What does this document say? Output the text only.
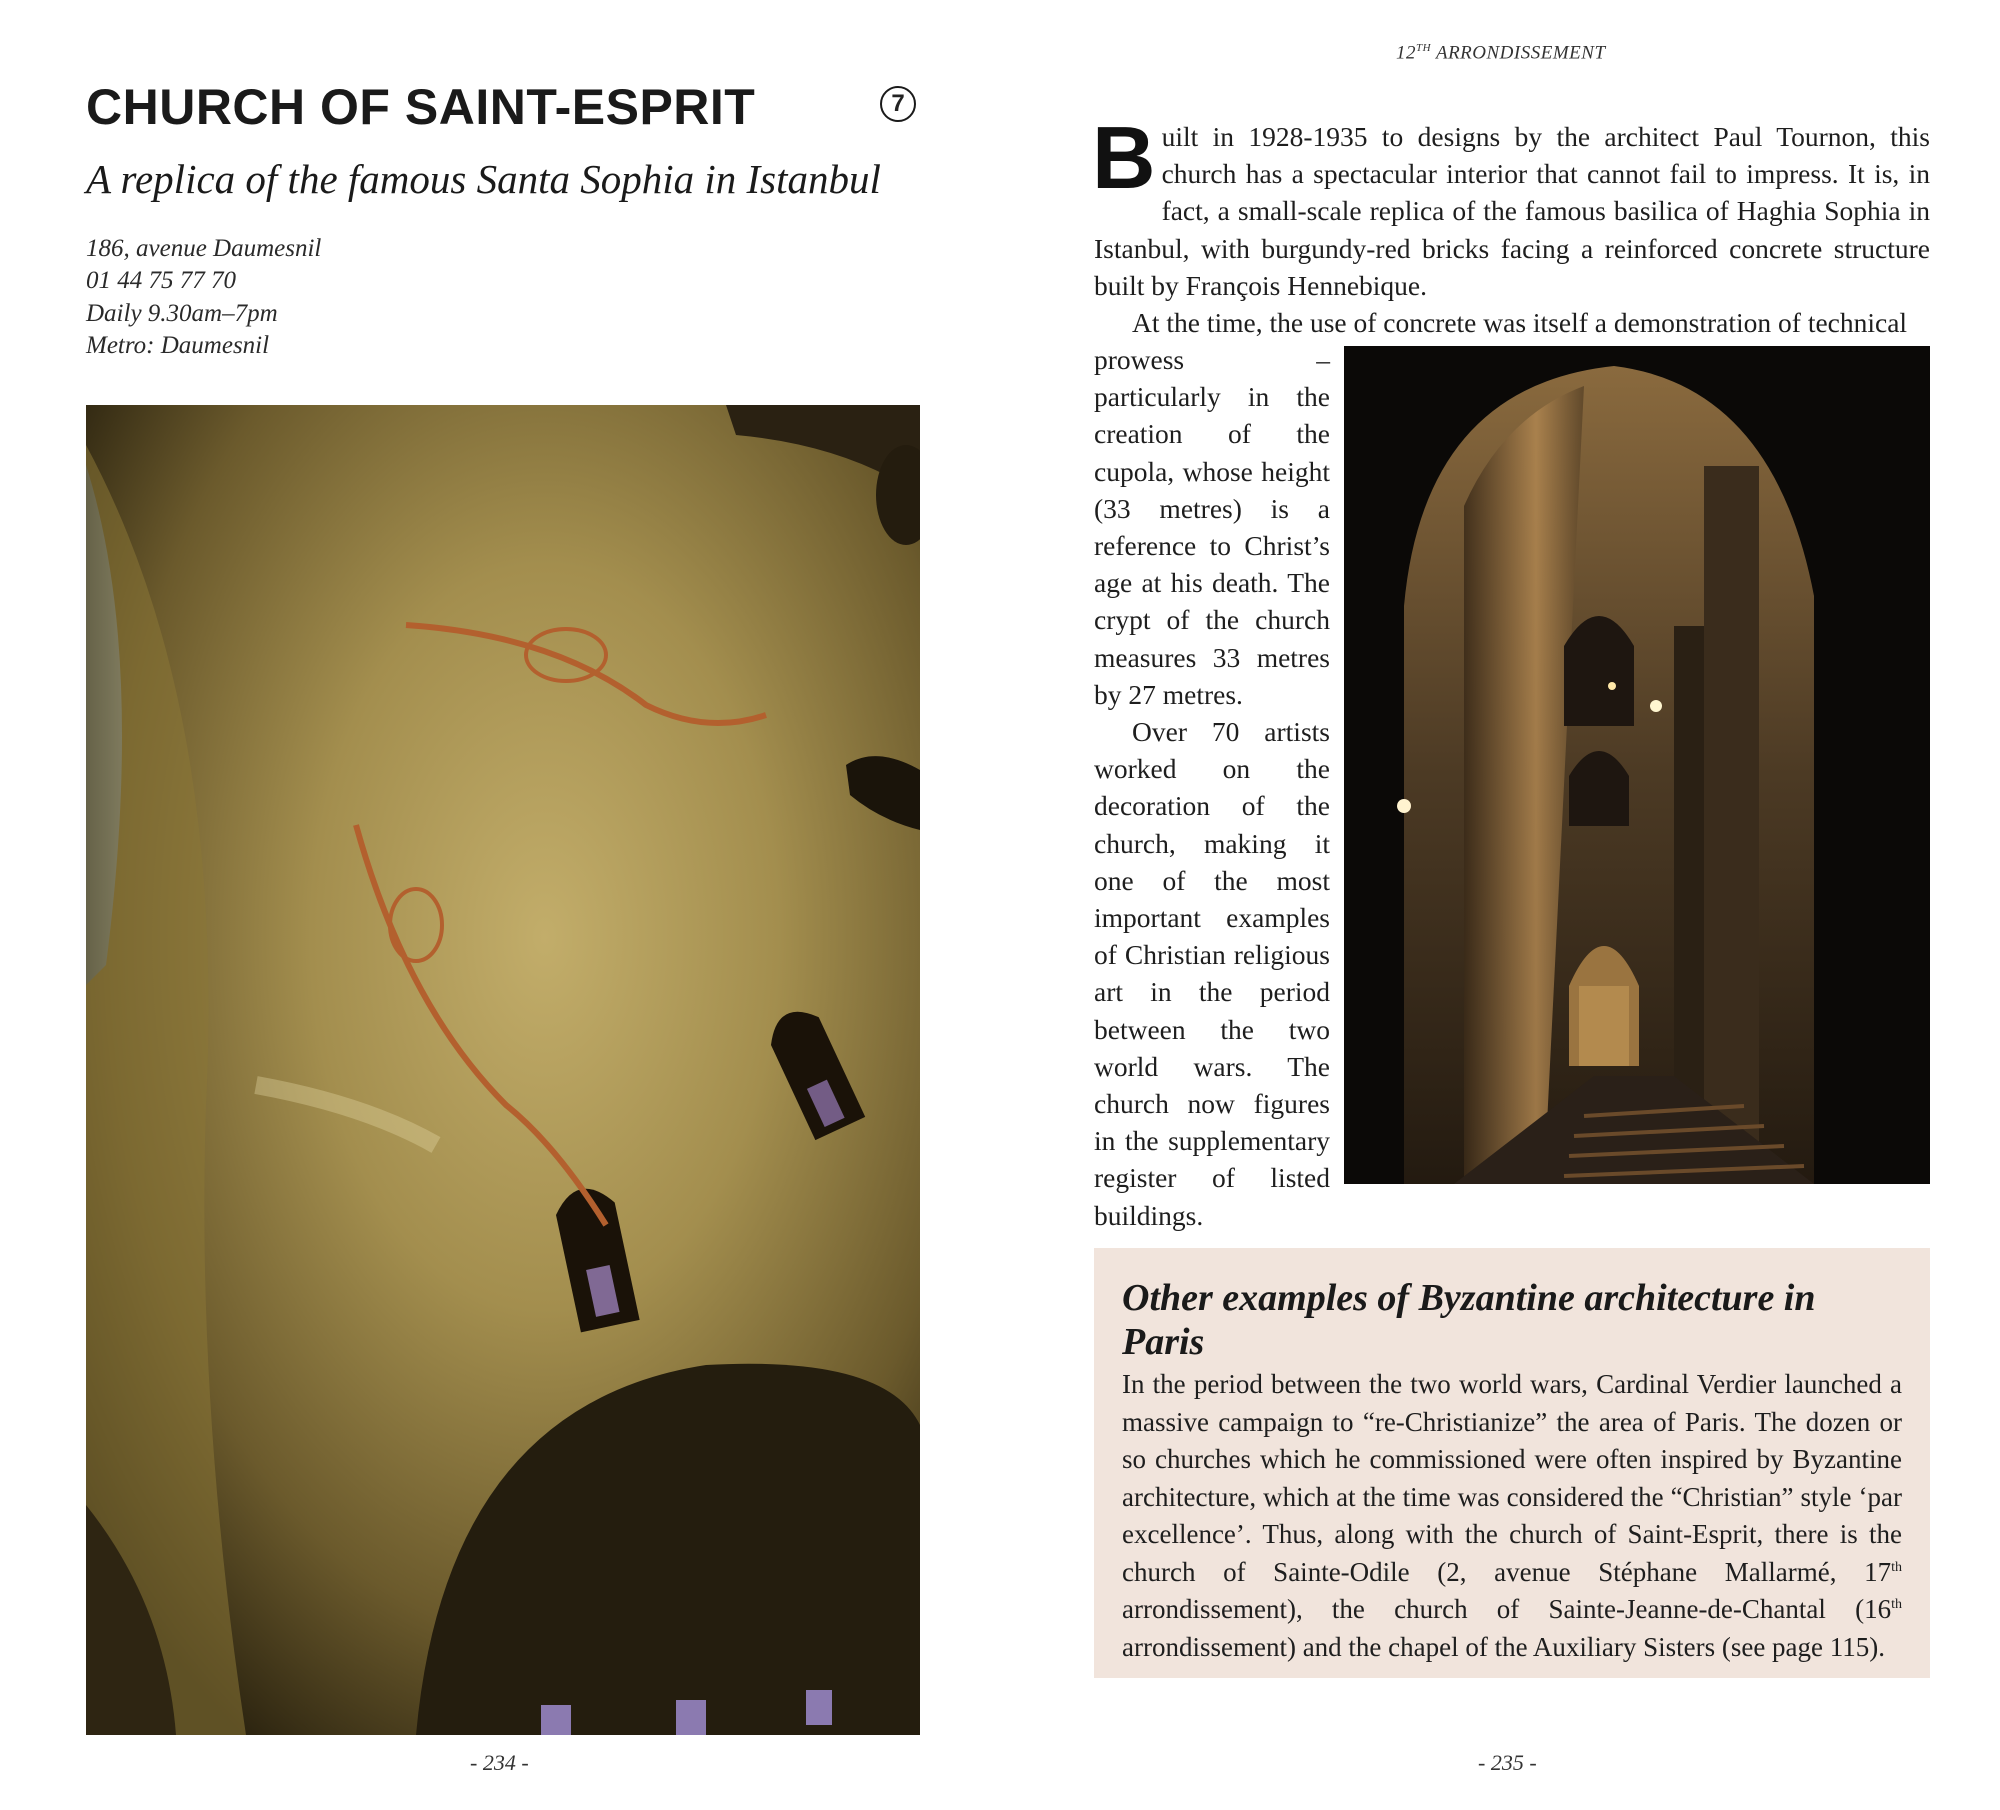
CHURCH OF SAINT-ESPRIT	7
A replica of the famous Santa Sophia in Istanbul
186, avenue Daumesnil
01 44 75 77 70
Daily 9.30am–7pm
Metro: Daumesnil
- 234 -
12TH ARRONDISSEMENT

Built in 1928-1935 to designs by the architect Paul Tournon, this church has a spectacular interior that cannot fail to impress. It is, in fact, a small-scale replica of the famous basilica of Haghia Sophia in Istanbul, with burgundy-red bricks facing a reinforced concrete structure built by François Hennebique.

At the time, the use of concrete was itself a demonstration of technical

prowess – particularly in the creation of the cupola, whose height (33 metres) is a reference to Christ’s age at his death. The crypt of the church measures 33 metres by 27 metres.

Over 70 artists worked on the decoration of the church, making it one of the most important examples of Christian religious art in the period between the two world wars. The church now figures in the supplementary register of listed buildings.

Other examples of Byzantine architecture in Paris

In the period between the two world wars, Cardinal Verdier launched a massive campaign to “re-Christianize” the area of Paris. The dozen or so churches which he commissioned were often inspired by Byzantine architecture, which at the time was considered the “Christian” style ‘par excellence’. Thus, along with the church of Saint-Esprit, there is the church of Sainte-Odile (2, avenue Stéphane Mallarmé, 17th arrondissement), the church of Sainte-Jeanne-de-Chantal (16th arrondissement) and the chapel of the Auxiliary Sisters (see page 115).

- 235 -
